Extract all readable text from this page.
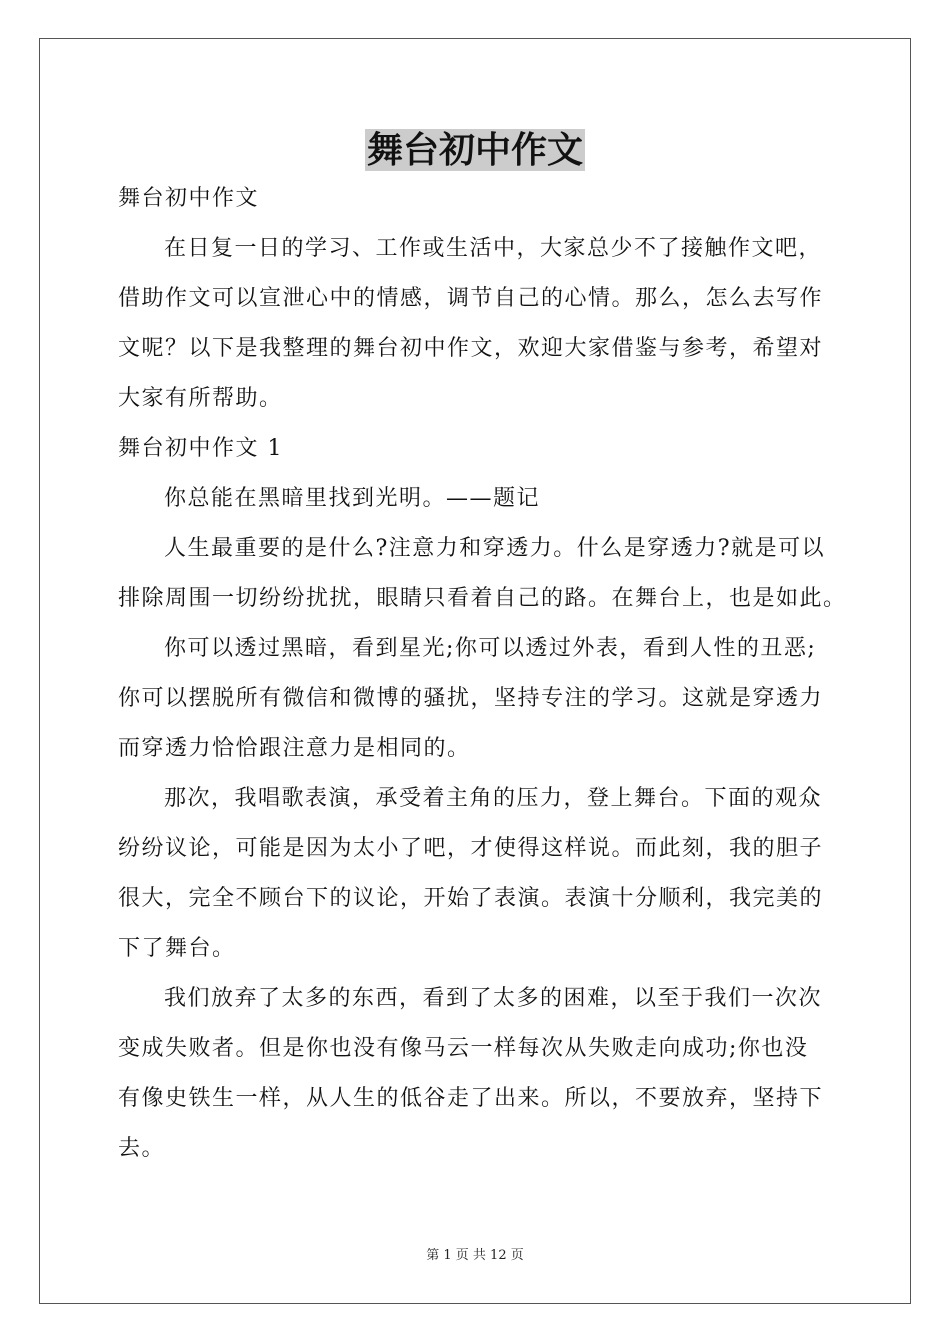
舞台初中作文
舞台初中作文
在日复一日的学习、工作或生活中，大家总少不了接触作文吧，
借助作文可以宣泄心中的情感，调节自己的心情。那么，怎么去写作
文呢？以下是我整理的舞台初中作文，欢迎大家借鉴与参考，希望对
大家有所帮助。
舞台初中作文 1
你总能在黑暗里找到光明。——题记
人生最重要的是什么?注意力和穿透力。什么是穿透力?就是可以
排除周围一切纷纷扰扰，眼睛只看着自己的路。在舞台上，也是如此。
你可以透过黑暗，看到星光;你可以透过外表，看到人性的丑恶;
你可以摆脱所有微信和微博的骚扰，坚持专注的学习。这就是穿透力
而穿透力恰恰跟注意力是相同的。
那次，我唱歌表演，承受着主角的压力，登上舞台。下面的观众
纷纷议论，可能是因为太小了吧，才使得这样说。而此刻，我的胆子
很大，完全不顾台下的议论，开始了表演。表演十分顺利，我完美的
下了舞台。
我们放弃了太多的东西，看到了太多的困难，以至于我们一次次
变成失败者。但是你也没有像马云一样每次从失败走向成功;你也没
有像史铁生一样，从人生的低谷走了出来。所以，不要放弃，坚持下
去。
第 1 页 共 12 页
